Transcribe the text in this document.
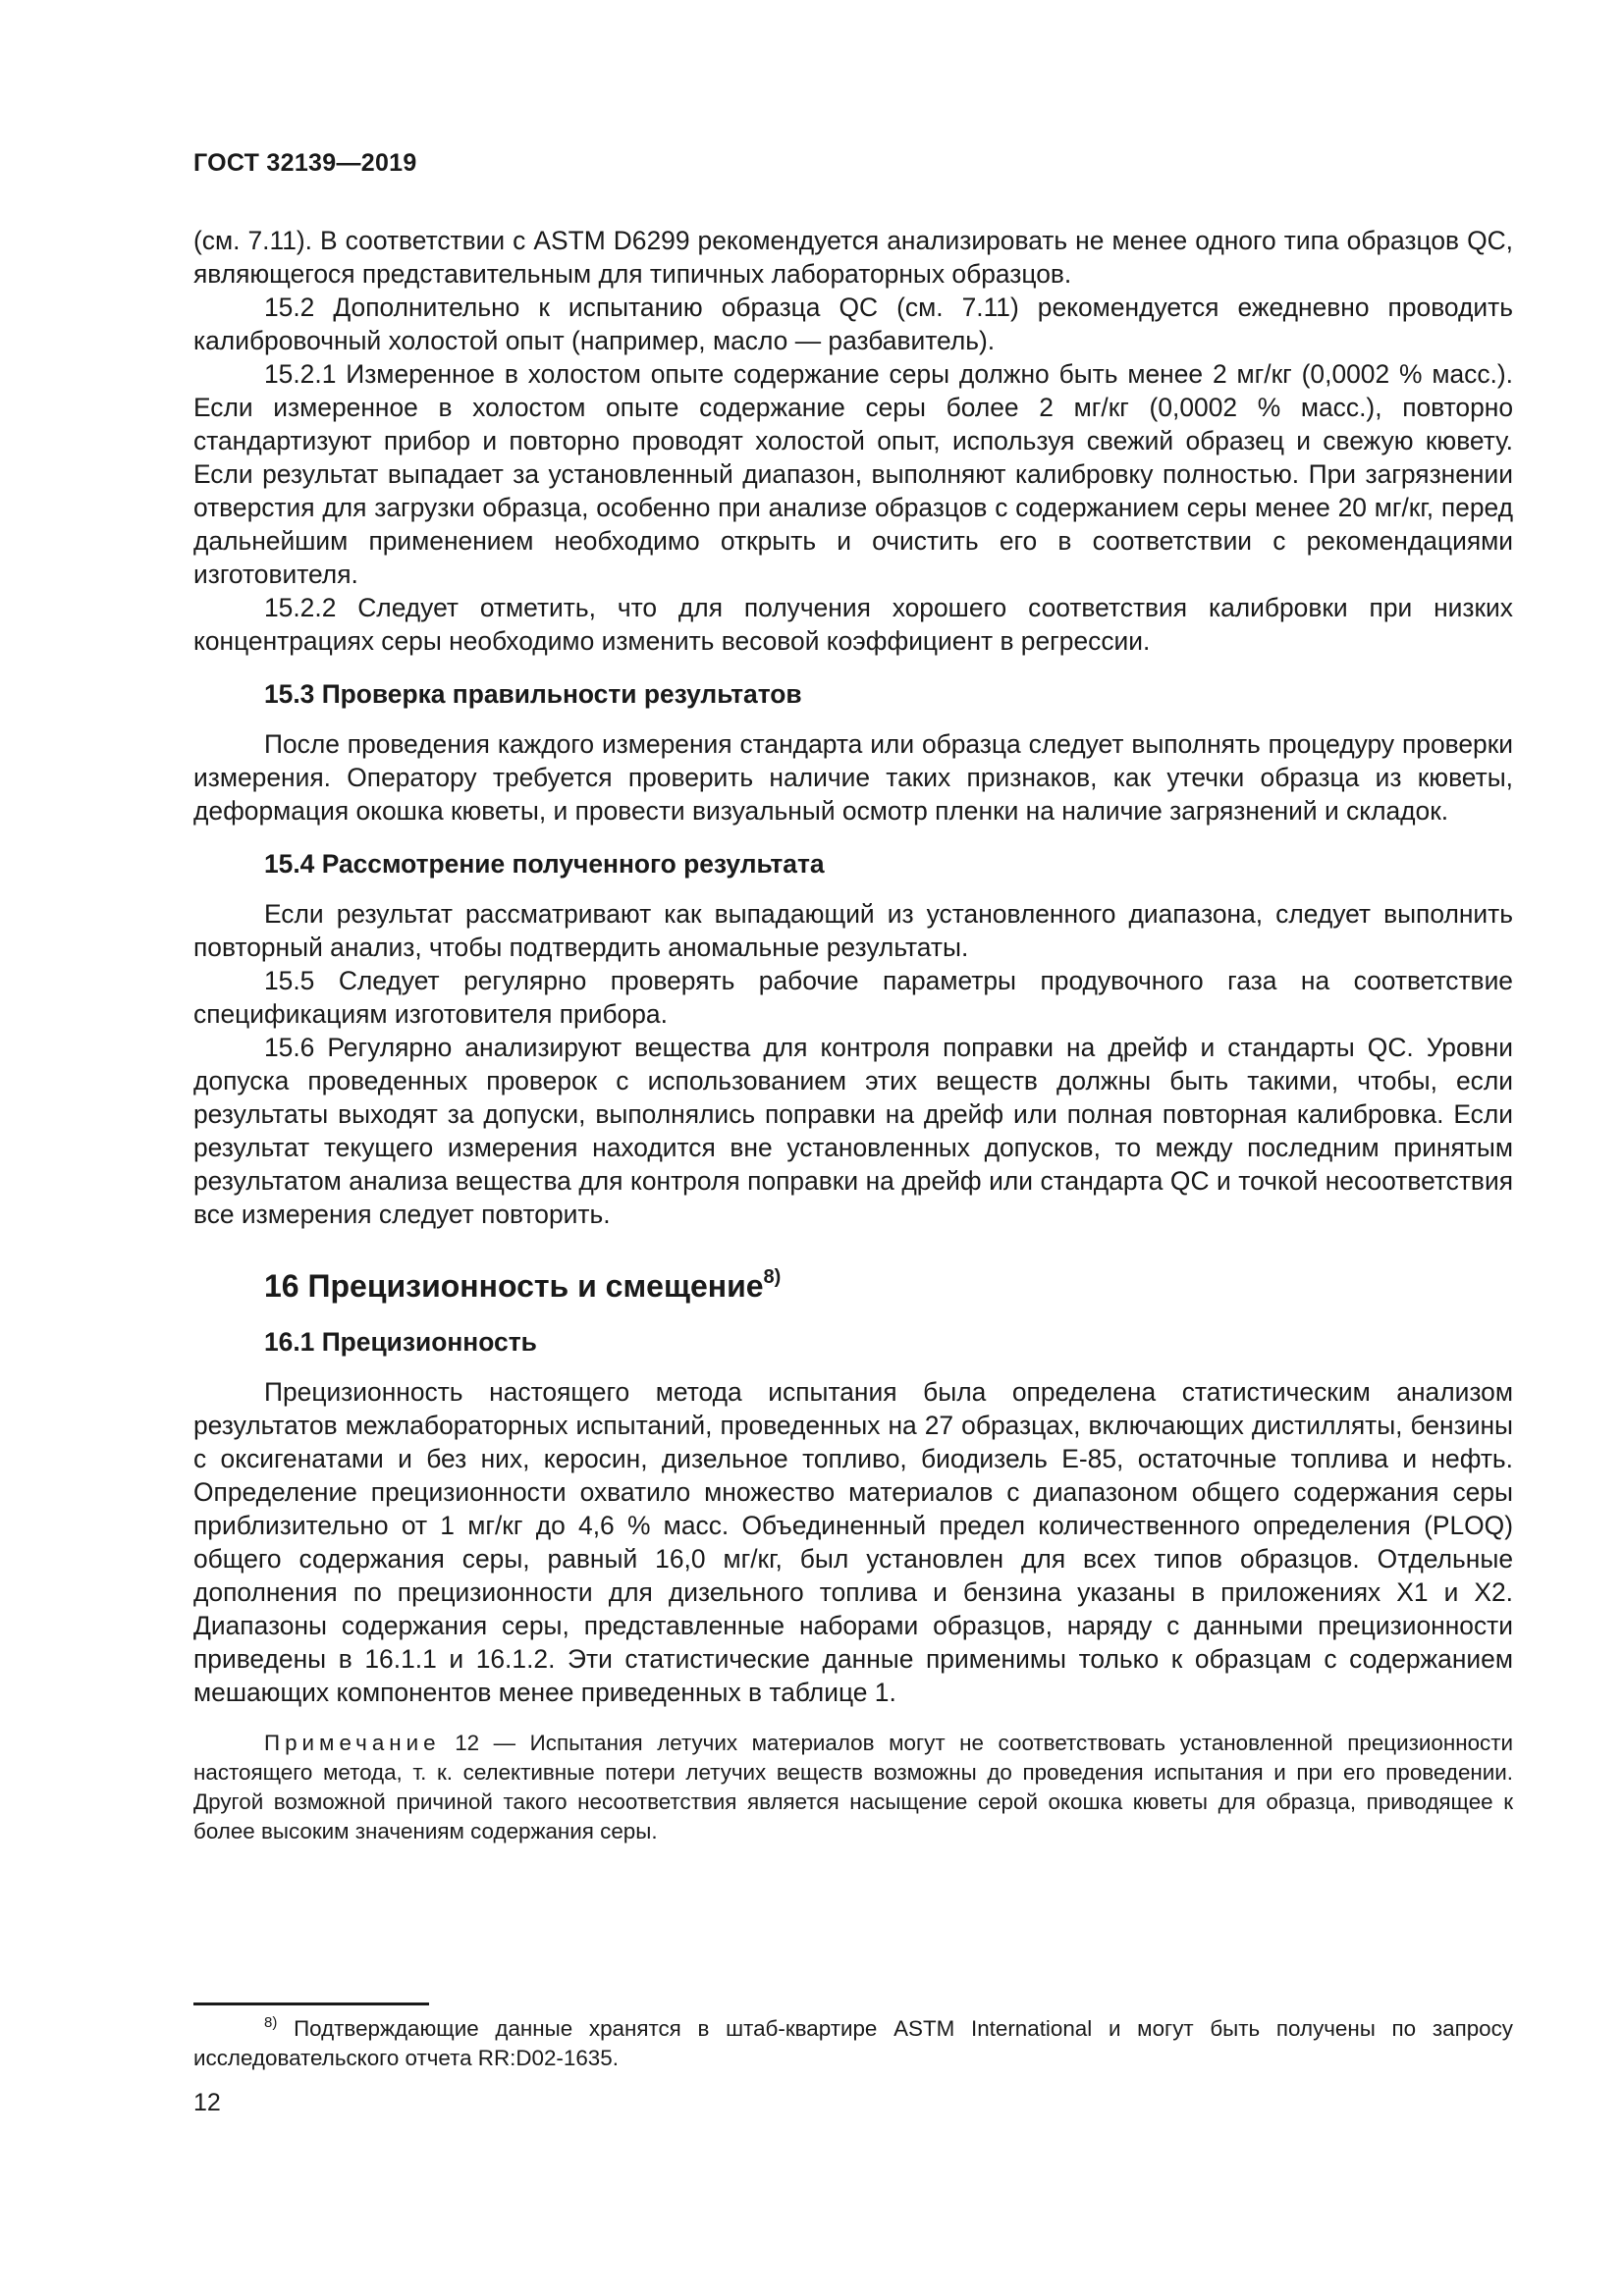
ГОСТ 32139—2019

(см. 7.11). В соответствии с ASTM D6299 рекомендуется анализировать не менее одного типа образцов QC, являющегося представительным для типичных лабораторных образцов.

15.2 Дополнительно к испытанию образца QC (см. 7.11) рекомендуется ежедневно проводить калибровочный холостой опыт (например, масло — разбавитель).

15.2.1 Измеренное в холостом опыте содержание серы должно быть менее 2 мг/кг (0,0002 % масс.). Если измеренное в холостом опыте содержание серы более 2 мг/кг (0,0002 % масс.), повторно стандартизуют прибор и повторно проводят холостой опыт, используя свежий образец и свежую кювету. Если результат выпадает за установленный диапазон, выполняют калибровку полностью. При загрязнении отверстия для загрузки образца, особенно при анализе образцов с содержанием серы менее 20 мг/кг, перед дальнейшим применением необходимо открыть и очистить его в соответствии с рекомендациями изготовителя.

15.2.2 Следует отметить, что для получения хорошего соответствия калибровки при низких концентрациях серы необходимо изменить весовой коэффициент в регрессии.

15.3 Проверка правильности результатов

После проведения каждого измерения стандарта или образца следует выполнять процедуру проверки измерения. Оператору требуется проверить наличие таких признаков, как утечки образца из кюветы, деформация окошка кюветы, и провести визуальный осмотр пленки на наличие загрязнений и складок.

15.4 Рассмотрение полученного результата

Если результат рассматривают как выпадающий из установленного диапазона, следует выполнить повторный анализ, чтобы подтвердить аномальные результаты.

15.5 Следует регулярно проверять рабочие параметры продувочного газа на соответствие спецификациям изготовителя прибора.

15.6 Регулярно анализируют вещества для контроля поправки на дрейф и стандарты QC. Уровни допуска проведенных проверок с использованием этих веществ должны быть такими, чтобы, если результаты выходят за допуски, выполнялись поправки на дрейф или полная повторная калибровка. Если результат текущего измерения находится вне установленных допусков, то между последним принятым результатом анализа вещества для контроля поправки на дрейф или стандарта QC и точкой несоответствия все измерения следует повторить.

16 Прецизионность и смещение$^{8)}$

16.1 Прецизионность

Прецизионность настоящего метода испытания была определена статистическим анализом результатов межлабораторных испытаний, проведенных на 27 образцах, включающих дистилляты, бензины с оксигенатами и без них, керосин, дизельное топливо, биодизель Е-85, остаточные топлива и нефть. Определение прецизионности охватило множество материалов с диапазоном общего содержания серы приблизительно от 1 мг/кг до 4,6 % масс. Объединенный предел количественного определения (PLOQ) общего содержания серы, равный 16,0 мг/кг, был установлен для всех типов образцов. Отдельные дополнения по прецизионности для дизельного топлива и бензина указаны в приложениях X1 и X2. Диапазоны содержания серы, представленные наборами образцов, наряду с данными прецизионности приведены в 16.1.1 и 16.1.2. Эти статистические данные применимы только к образцам с содержанием мешающих компонентов менее приведенных в таблице 1.

Примечание 12 — Испытания летучих материалов могут не соответствовать установленной прецизионности настоящего метода, т. к. селективные потери летучих веществ возможны до проведения испытания и при его проведении. Другой возможной причиной такого несоответствия является насыщение серой окошка кюветы для образца, приводящее к более высоким значениям содержания серы.

$^{8)}$ Подтверждающие данные хранятся в штаб-квартире ASTM International и могут быть получены по запросу исследовательского отчета RR:D02-1635.
12
